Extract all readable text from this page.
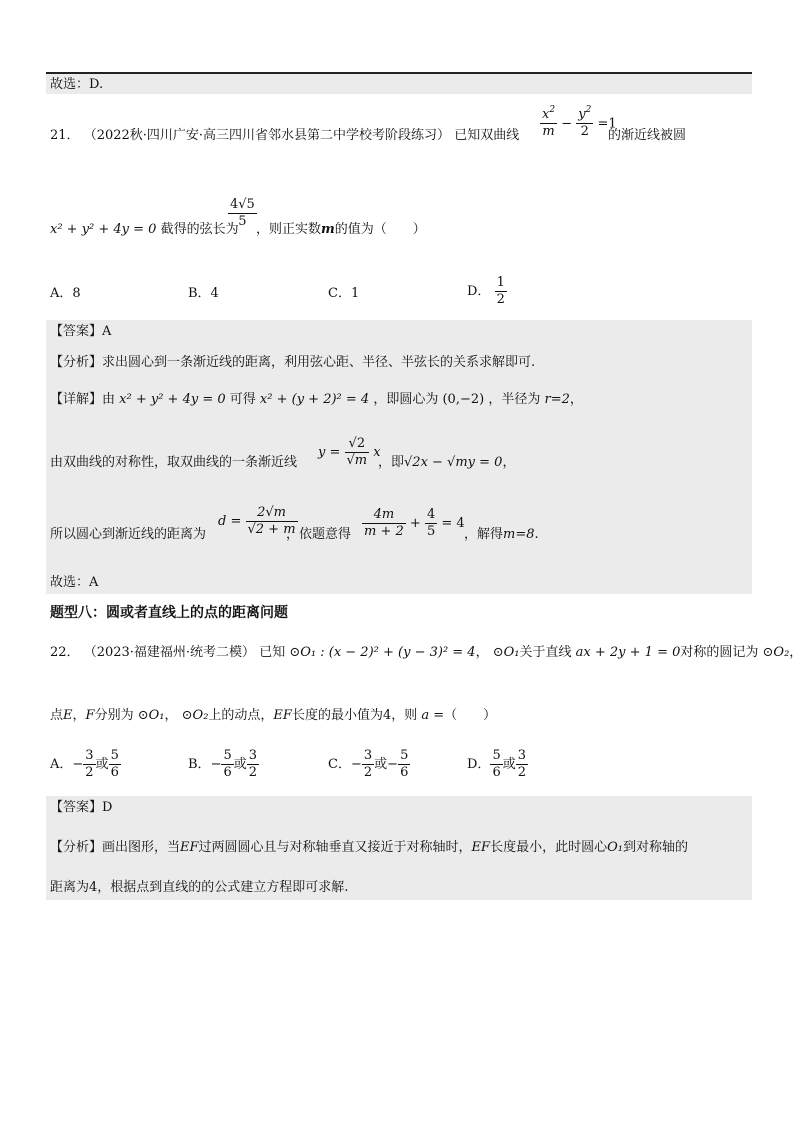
故选：D.
21． （2022秋·四川广安·高三四川省邻水县第二中学校考阶段练习） 已知双曲线 $\frac{x^2}{m} - \frac{y^2}{2} =1$
的渐近线被圆
x² + y² + 4y = 0 截得的弦长为
$\frac{4√5}{5}$ ，则正实数m的值为（　　）
A．8	B．4	C．1	D． $\frac{1}{2}$
【答案】A
【分析】求出圆心到一条渐近线的距离，利用弦心距、半径、半弦长的关系求解即可.
【详解】由 x² + y² + 4y = 0 可得 x² + (y + 2)² = 4 ，即圆心为 (0,−2) ，半径为 r=2，
由双曲线的对称性，取双曲线的一条渐近线
$y = \frac{√2}{√m}$ x
，即√2x − √my = 0，
所以圆心到渐近线的距离为
$d = \frac{2√m}{√2 + m}$
，依题意得 $\frac{4m}{m + 2} + \frac{4}{5} = 4$
，解得m=8.
故选：A
题型八：圆或者直线上的点的距离问题
22． （2023·福建福州·统考二模） 已知 ⊙O₁ : (x − 2)² + (y − 3)² = 4， ⊙O₁关于直线 ax + 2y + 1 = 0对称的圆记为 ⊙O₂，
点E，F分别为 ⊙O₁， ⊙O₂上的动点，EF长度的最小值为4，则 a =（　　）
A．− $\frac{3}{2}$ 或 $\frac{5}{6}$	B．− $\frac{5}{6}$ 或 $\frac{3}{2}$	C．− $\frac{3}{2}$ 或− $\frac{5}{6}$	D． $\frac{5}{6}$ 或 $\frac{3}{2}$
【答案】D
【分析】画出图形，当EF过两圆圆心且与对称轴垂直又接近于对称轴时，EF长度最小，此时圆心O₁到对称轴的
距离为4，根据点到直线的的公式建立方程即可求解.
